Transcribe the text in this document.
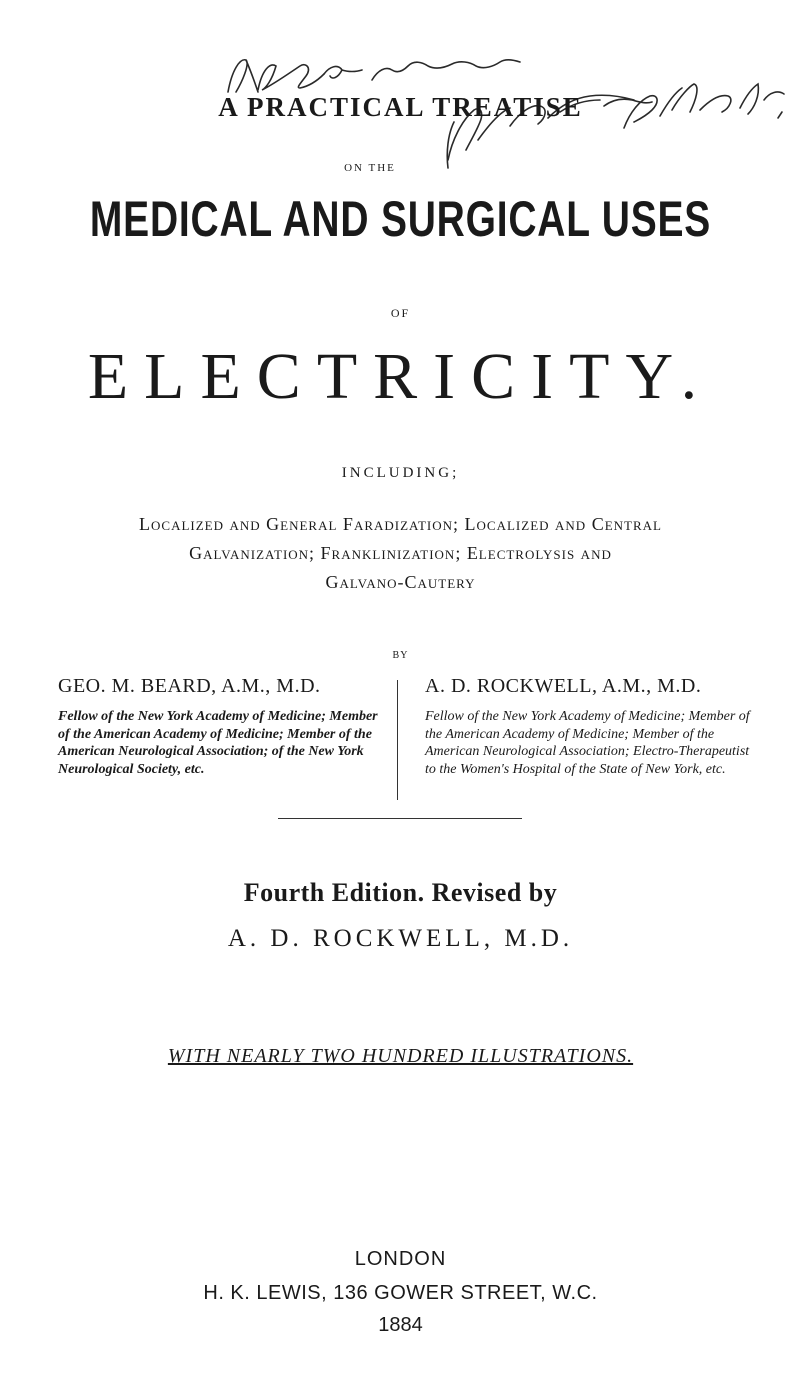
A PRACTICAL TREATISE
ON THE
MEDICAL AND SURGICAL USES
OF
ELECTRICITY.
INCLUDING;
Localized and General Faradization; Localized and Central
Galvanization; Franklinization; Electrolysis and
Galvano-Cautery
BY
GEO. M. BEARD, A.M., M.D.
Fellow of the New York Academy of Medicine; Member of the American Academy of Medicine; Member of the American Neurological Association; of the New York Neurological Society, etc.
A. D. ROCKWELL, A.M., M.D.
Fellow of the New York Academy of Medicine; Member of the American Academy of Medicine; Member of the American Neurological Association; Electro-Therapeutist to the Women's Hospital of the State of New York, etc.
Fourth Edition. Revised by
A. D. ROCKWELL, M.D.
WITH NEARLY TWO HUNDRED ILLUSTRATIONS.
LONDON
H. K. LEWIS, 136 GOWER STREET, W.C.
1884
